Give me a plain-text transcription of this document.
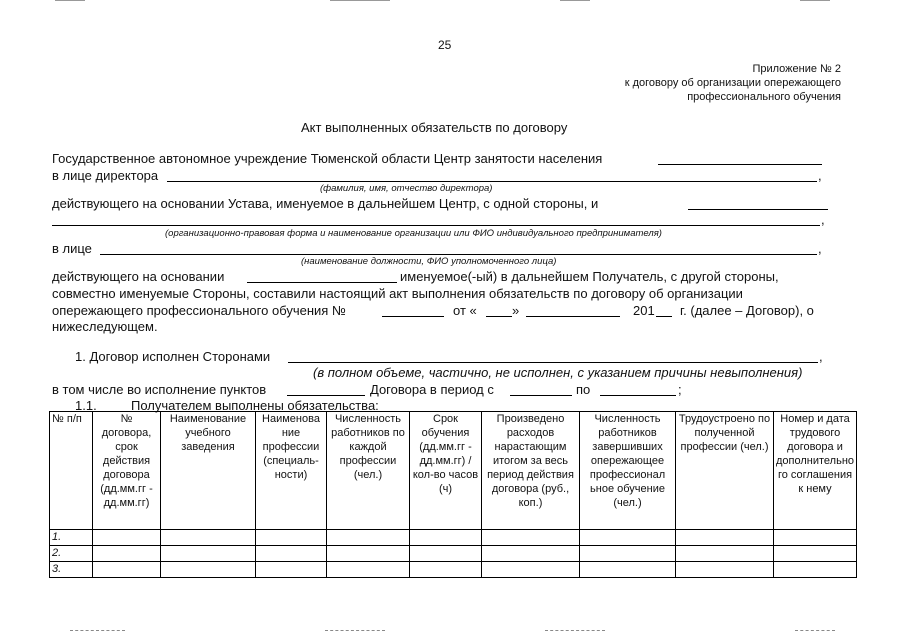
25
Приложение № 2
к договору об организации опережающего
профессионального обучения
Акт выполненных обязательств по договору
Государственное автономное учреждение Тюменской области Центр занятости населения
в лице директора	,
(фамилия, имя, отчество директора)
действующего на основании Устава, именуемое в дальнейшем Центр, с одной стороны, и
,
(организационно-правовая форма и наименование организации или ФИО индивидуального предпринимателя)
в лице	,
(наименование должности, ФИО уполномоченного лица)
действующего на основании	именуемое(-ый) в дальнейшем Получатель, с другой стороны,
совместно именуемые Стороны, составили настоящий акт выполнения обязательств по договору об организации
опережающего профессионального обучения №	от «	»	201 г. (далее – Договор), о
нижеследующем.
1. Договор исполнен Сторонами	,
(в полном объеме, частично, не исполнен, с указанием причины невыполнения)
в том числе во исполнение пунктов	Договора в период с	по	;
1.1.	Получателем выполнены обязательства:
№ п/п	№ договора, срок действия договора (дд.мм.гг - дд.мм.гг)	Наименование учебного заведения	Наименова ние профессии (специаль- ности)	Численность работников по каждой профессии (чел.)	Срок обучения (дд.мм.гг - дд.мм.гг) / кол-во часов (ч)	Произведено расходов нарастающим итогом за весь период действия договора (руб., коп.)	Численность работников завершивших опережающее профессионал ьное обучение (чел.)	Трудоустроено по полученной профессии (чел.)	Номер и дата трудового договора и дополнительно го соглашения к нему
1.									
2.									
3.									
